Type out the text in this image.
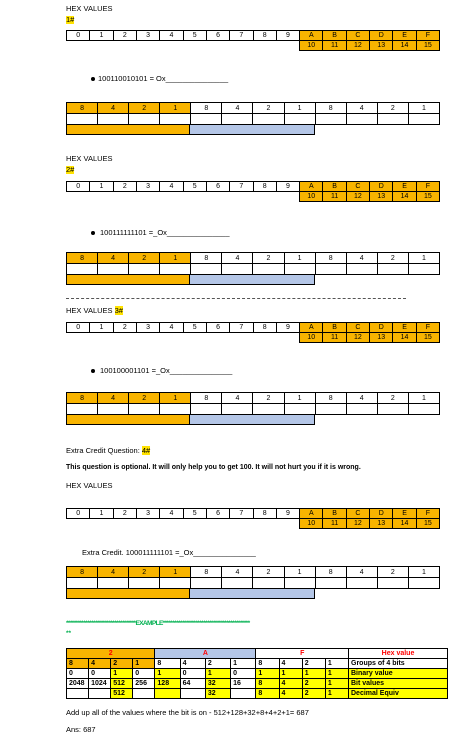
HEX VALUES
1#
0	1	2	3	4	5	6	7	8	9	A	B	C	D	E	F
										10	11	12	13	14	15
100110010101 = Ox_______________
8	4	2	1	8	4	2	1	8	4	2	1

HEX VALUES
2#
0	1	2	3	4	5	6	7	8	9	A	B	C	D	E	F
										10	11	12	13	14	15
100111111101 =_Ox_______________
8	4	2	1	8	4	2	1	8	4	2	1

HEX VALUES 3#
0	1	2	3	4	5	6	7	8	9	A	B	C	D	E	F
										10	11	12	13	14	15
100100001101 =_Ox_______________
8	4	2	1	8	4	2	1	8	4	2	1

Extra Credit Question: 4#
This question is optional. It will only help you to get 100. It will not hurt you if it is wrong.
HEX VALUES
0	1	2	3	4	5	6	7	8	9	A	B	C	D	E	F
										10	11	12	13	14	15
Extra Credit. 100011111101 =_Ox_______________
8	4	2	1	8	4	2	1	8	4	2	1

************************************EXAMPLE*********************************************
**
2				A				F				Hex value
8	4	2	1	8	4	2	1	8	4	2	1	Groups of 4 bits
0	0	1	0	1	0	1	0	1	1	1	1	Binary value
2048	1024	512	256	128	64	32	16	8	4	2	1	Bit values
		512				32		8	4	2	1	Decimal Equiv
Add up all of the values where the bit is on - 512+128+32+8+4+2+1= 687
Ans: 687
